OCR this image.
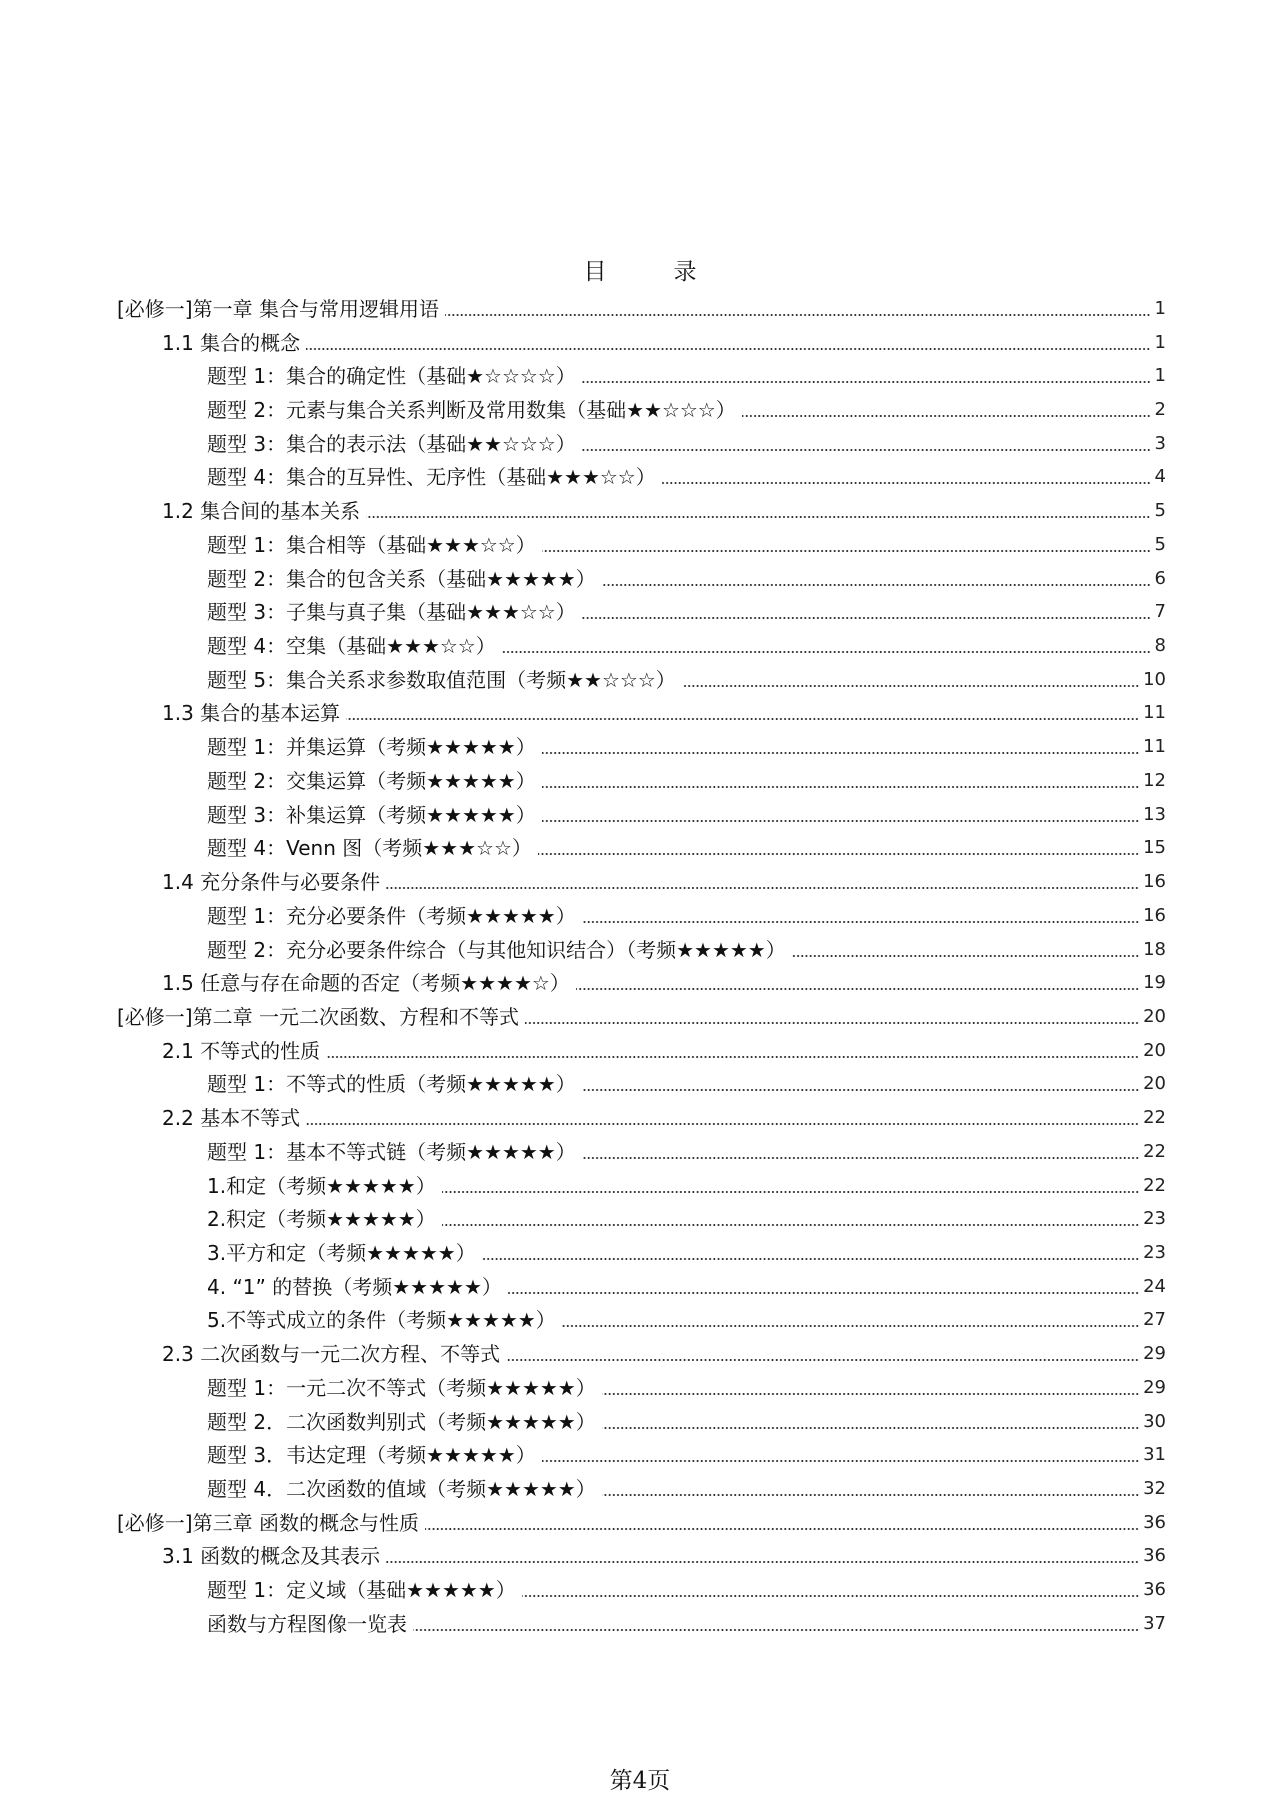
目　录
[必修一]第一章 集合与常用逻辑用语	1
1.1 集合的概念	1
题型 1：集合的确定性（基础★☆☆☆☆）	1
题型 2：元素与集合关系判断及常用数集（基础★★☆☆☆）	2
题型 3：集合的表示法（基础★★☆☆☆）	3
题型 4：集合的互异性、无序性（基础★★★☆☆）	4
1.2 集合间的基本关系	5
题型 1：集合相等（基础★★★☆☆）	5
题型 2：集合的包含关系（基础★★★★★）	6
题型 3：子集与真子集（基础★★★☆☆）	7
题型 4：空集（基础★★★☆☆）	8
题型 5：集合关系求参数取值范围（考频★★☆☆☆）	10
1.3 集合的基本运算	11
题型 1：并集运算（考频★★★★★）	11
题型 2：交集运算（考频★★★★★）	12
题型 3：补集运算（考频★★★★★）	13
题型 4：Venn 图（考频★★★☆☆）	15
1.4 充分条件与必要条件	16
题型 1：充分必要条件（考频★★★★★）	16
题型 2：充分必要条件综合（与其他知识结合）（考频★★★★★）	18
1.5 任意与存在命题的否定（考频★★★★☆）	19
[必修一]第二章 一元二次函数、方程和不等式	20
2.1 不等式的性质	20
题型 1：不等式的性质（考频★★★★★）	20
2.2 基本不等式	22
题型 1：基本不等式链（考频★★★★★）	22
1.和定（考频★★★★★）	22
2.积定（考频★★★★★）	23
3.平方和定（考频★★★★★）	23
4. “1” 的替换（考频★★★★★）	24
5.不等式成立的条件（考频★★★★★）	27
2.3 二次函数与一元二次方程、不等式	29
题型 1：一元二次不等式（考频★★★★★）	29
题型 2．二次函数判别式（考频★★★★★）	30
题型 3．韦达定理（考频★★★★★）	31
题型 4．二次函数的值域（考频★★★★★）	32
[必修一]第三章 函数的概念与性质	36
3.1 函数的概念及其表示	36
题型 1：定义域（基础★★★★★）	36
函数与方程图像一览表	37
第4页
